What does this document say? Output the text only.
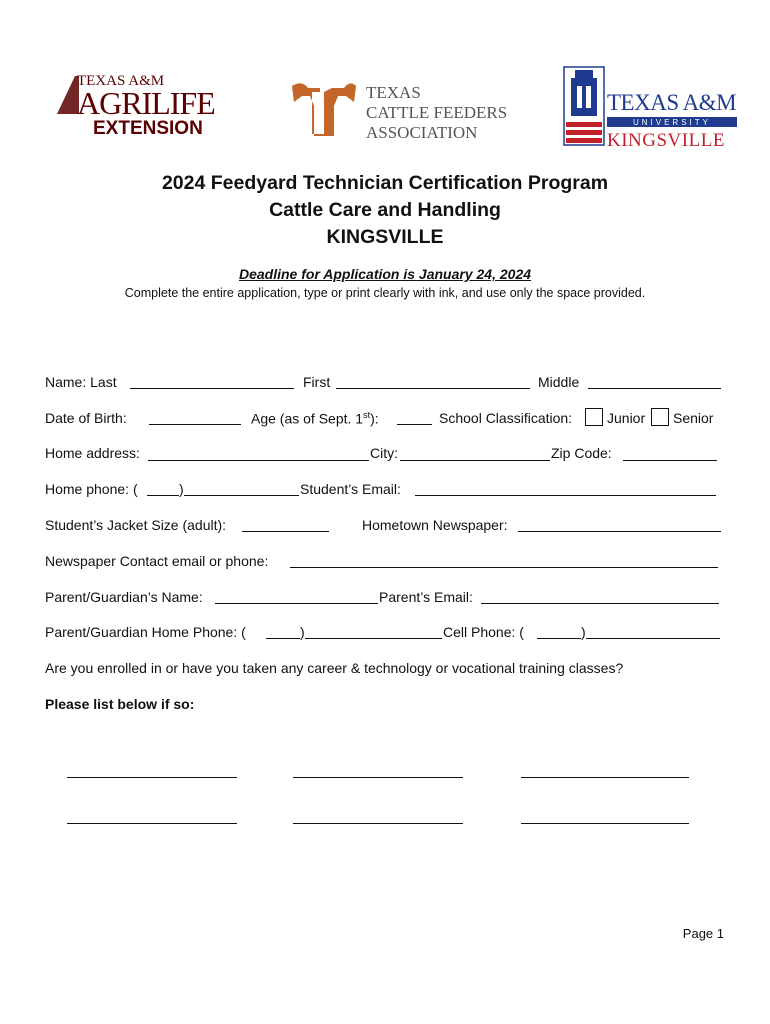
TEXAS A&M
AGRILIFE
EXTENSION
TEXAS
CATTLE FEEDERS
ASSOCIATION
TEXAS A&M
UNIVERSITY
KINGSVILLE
2024 Feedyard Technician Certification Program
Cattle Care and Handling
KINGSVILLE
Deadline for Application is January 24, 2024
Complete the entire application, type or print clearly with ink, and use only the space provided.
Name: Last	First	Middle
Date of Birth:	Age (as of Sept. 1st):	School Classification: Junior Senior
Home address:	City:	Zip Code:
Home phone: (	)	Student’s Email:
Student’s Jacket Size (adult):	Hometown Newspaper:
Newspaper Contact email or phone:
Parent/Guardian’s Name:	Parent’s Email:
Parent/Guardian Home Phone: (	)	Cell Phone: (	)
Are you enrolled in or have you taken any career & technology or vocational training classes?
Please list below if so:
Page 1
